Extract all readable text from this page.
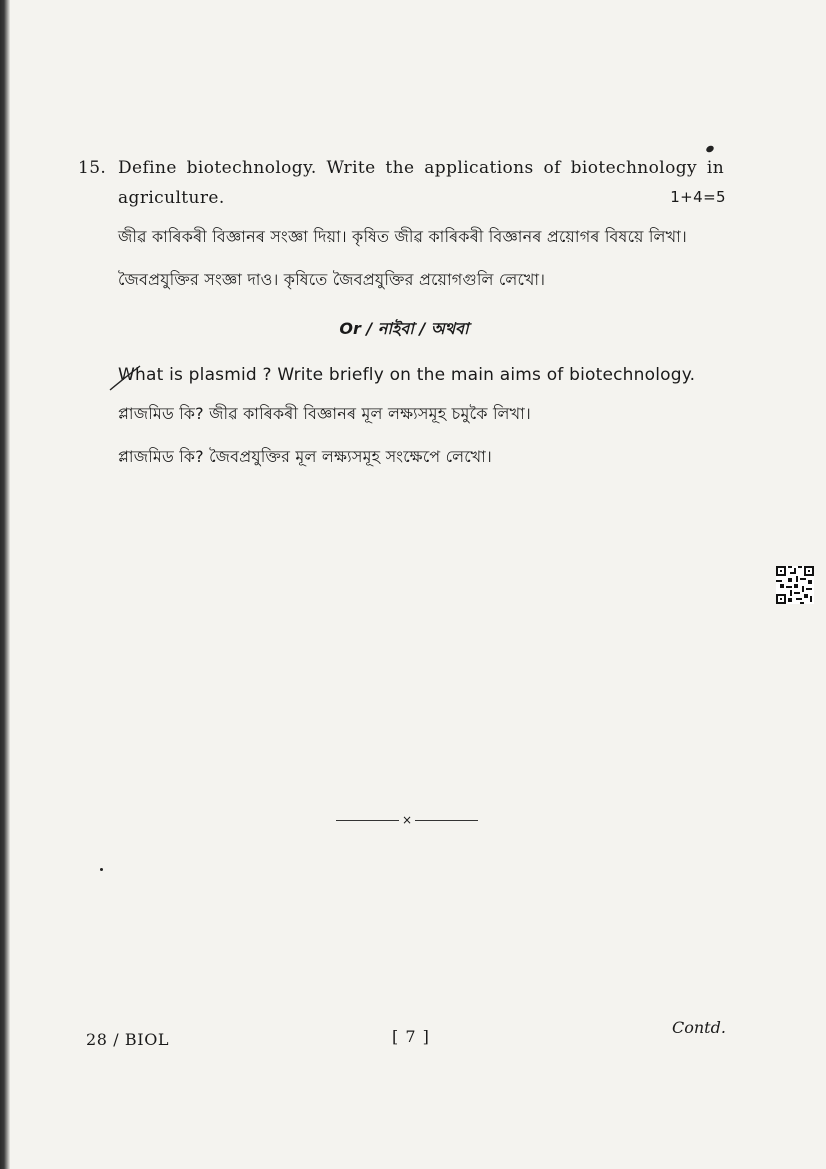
15. Define biotechnology. Write the applications of biotechnology in
agriculture.	1+4=5
জীৱ কাৰিকৰী বিজ্ঞানৰ সংজ্ঞা দিয়া। কৃষিত জীৱ কাৰিকৰী বিজ্ঞানৰ প্ৰয়োগৰ বিষয়ে লিখা।
জৈবপ্রযুক্তির সংজ্ঞা দাও। কৃষিতে জৈবপ্রযুক্তির প্রয়োগগুলি লেখো।
Or / নাইবা / অথবা
What is plasmid ? Write briefly on the main aims of biotechnology.
প্লাজমিড কি? জীৱ কাৰিকৰী বিজ্ঞানৰ মূল লক্ষ্যসমূহ চমুকৈ লিখা।
প্লাজমিড কি? জৈবপ্রযুক্তির মূল লক্ষ্যসমূহ সংক্ষেপে লেখো।
×
28 / BIOL	[ 7 ]	Contd.
